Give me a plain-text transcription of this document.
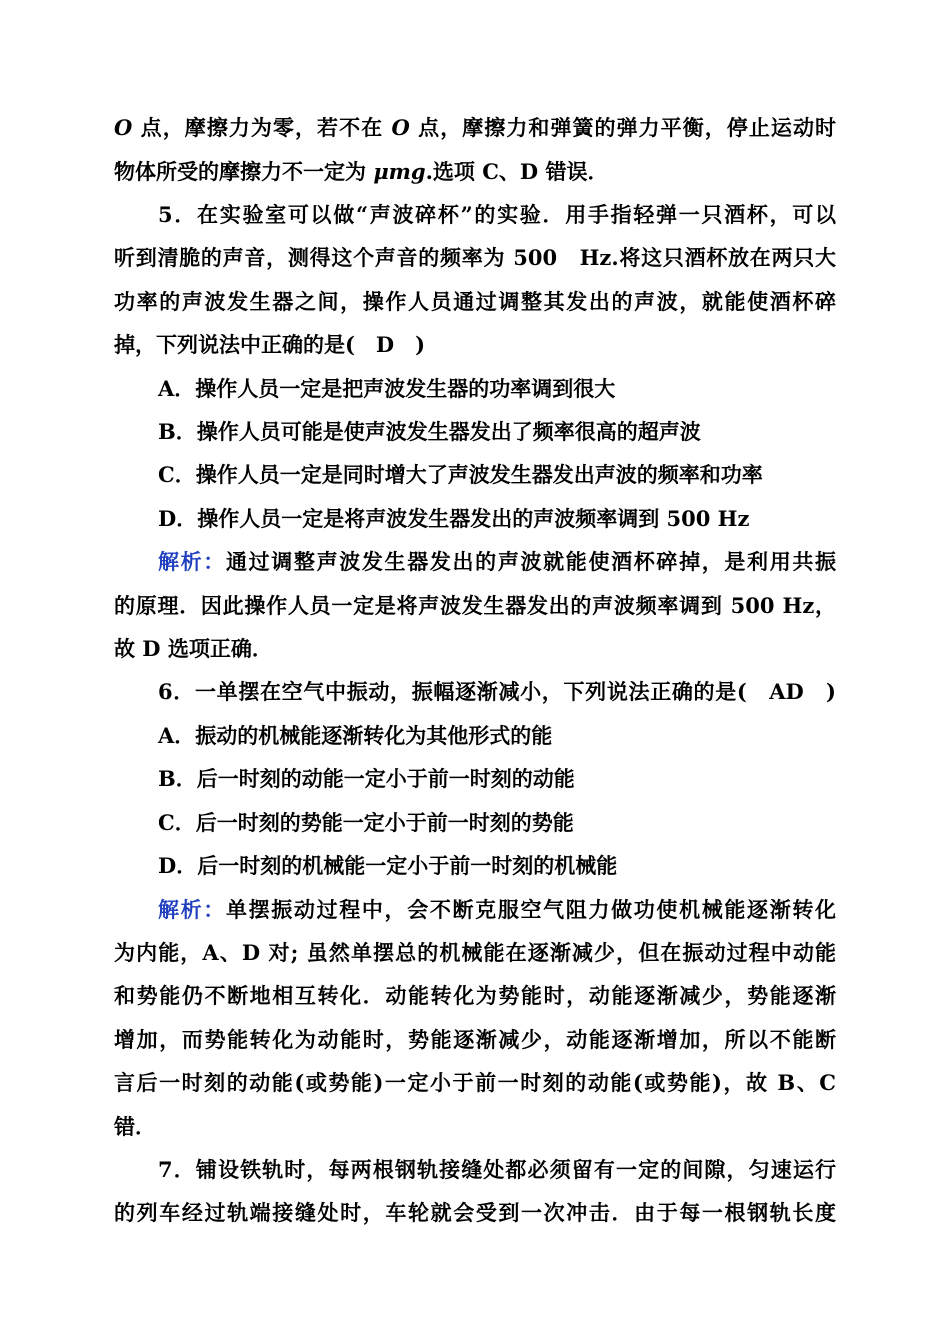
O 点，摩擦力为零，若不在 O 点，摩擦力和弹簧的弹力平衡，停止运动时
物体所受的摩擦力不一定为 μmg.选项 C、D 错误．
5．在实验室可以做“声波碎杯”的实验．用手指轻弹一只酒杯，可以
听到清脆的声音，测得这个声音的频率为 500　Hz.将这只酒杯放在两只大
功率的声波发生器之间，操作人员通过调整其发出的声波，就能使酒杯碎
掉，下列说法中正确的是(　D　)
A．操作人员一定是把声波发生器的功率调到很大
B．操作人员可能是使声波发生器发出了频率很高的超声波
C．操作人员一定是同时增大了声波发生器发出声波的频率和功率
D．操作人员一定是将声波发生器发出的声波频率调到 500 Hz
解析：通过调整声波发生器发出的声波就能使酒杯碎掉，是利用共振
的原理．因此操作人员一定是将声波发生器发出的声波频率调到 500 Hz，
故 D 选项正确．
6．一单摆在空气中振动，振幅逐渐减小，下列说法正确的是(　AD　)
A．振动的机械能逐渐转化为其他形式的能
B．后一时刻的动能一定小于前一时刻的动能
C．后一时刻的势能一定小于前一时刻的势能
D．后一时刻的机械能一定小于前一时刻的机械能
解析：单摆振动过程中，会不断克服空气阻力做功使机械能逐渐转化
为内能，A、D 对; 虽然单摆总的机械能在逐渐减少，但在振动过程中动能
和势能仍不断地相互转化．动能转化为势能时，动能逐渐减少，势能逐渐
增加，而势能转化为动能时，势能逐渐减少，动能逐渐增加，所以不能断
言后一时刻的动能(或势能)一定小于前一时刻的动能(或势能)，故 B、C
错．
7．铺设铁轨时，每两根钢轨接缝处都必须留有一定的间隙，匀速运行
的列车经过轨端接缝处时，车轮就会受到一次冲击．由于每一根钢轨长度
